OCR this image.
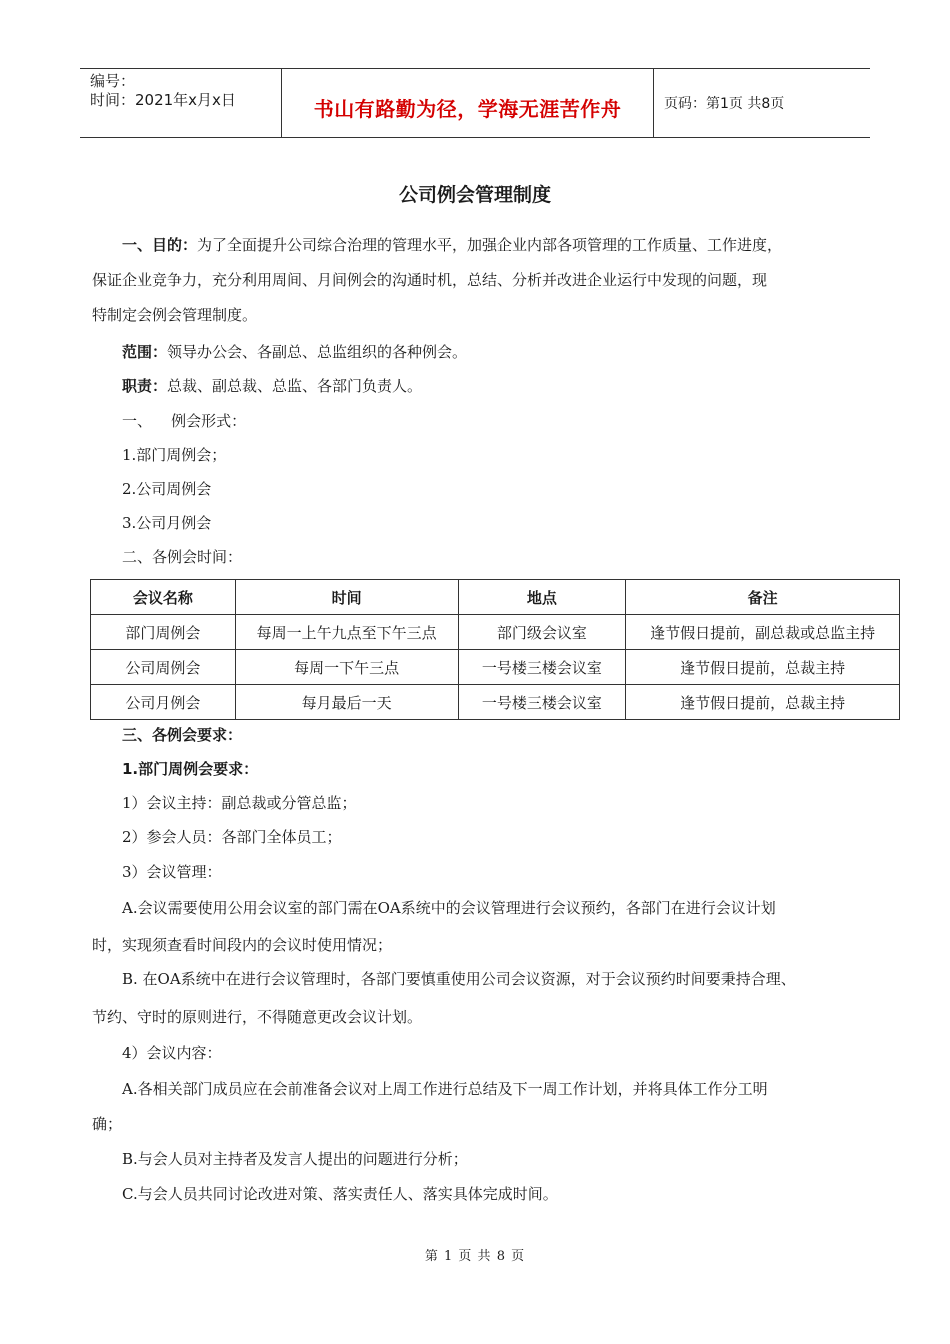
编号：
时间：2021年x月x日	书山有路勤为径，学海无涯苦作舟	页码：第1页 共8页
公司例会管理制度
一、目的：为了全面提升公司综合治理的管理水平，加强企业内部各项管理的工作质量、工作进度，
保证企业竞争力，充分利用周间、月间例会的沟通时机，总结、分析并改进企业运行中发现的问题，现
特制定会例会管理制度。
范围：领导办公会、各副总、总监组织的各种例会。
职责：总裁、副总裁、总监、各部门负责人。
一、    例会形式：
1.部门周例会；
2.公司周例会
3.公司月例会
二、各例会时间：
会议名称	时间	地点	备注
部门周例会	每周一上午九点至下午三点	部门级会议室	逢节假日提前，副总裁或总监主持
公司周例会	每周一下午三点	一号楼三楼会议室	逢节假日提前，总裁主持
公司月例会	每月最后一天	一号楼三楼会议室	逢节假日提前，总裁主持
三、各例会要求：
1.部门周例会要求：
1）会议主持：副总裁或分管总监；
2）参会人员：各部门全体员工；
3）会议管理：
A.会议需要使用公用会议室的部门需在OA系统中的会议管理进行会议预约，各部门在进行会议计划
时，实现须查看时间段内的会议时使用情况；
B. 在OA系统中在进行会议管理时，各部门要慎重使用公司会议资源，对于会议预约时间要秉持合理、
节约、守时的原则进行，不得随意更改会议计划。
4）会议内容：
A.各相关部门成员应在会前准备会议对上周工作进行总结及下一周工作计划，并将具体工作分工明
确；
B.与会人员对主持者及发言人提出的问题进行分析；
C.与会人员共同讨论改进对策、落实责任人、落实具体完成时间。
第 1 页 共 8 页
